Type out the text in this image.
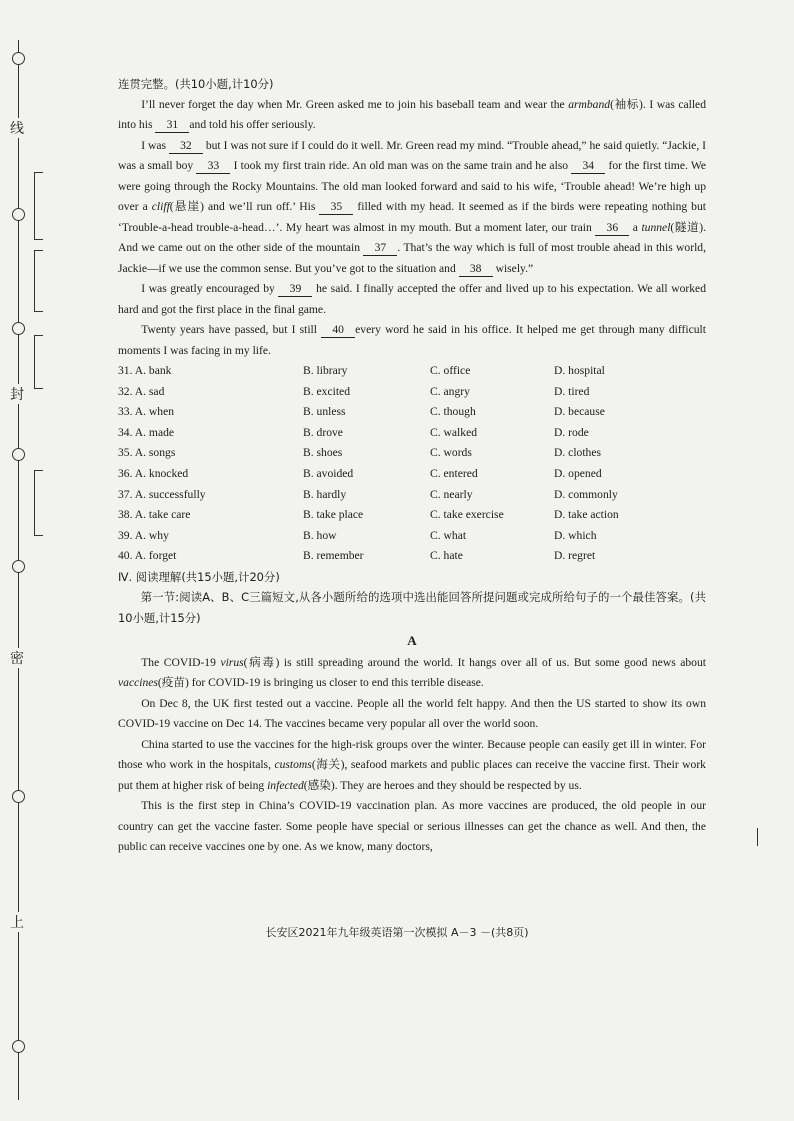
线
封
密
上

连贯完整。(共10小题,计10分)

I’ll never forget the day when Mr. Green asked me to join his baseball team and wear the armband(袖标). I was called into his 31 and told his offer seriously.

I was 32 but I was not sure if I could do it well. Mr. Green read my mind. “Trouble ahead,” he said quietly. “Jackie, I was a small boy 33 I took my first train ride. An old man was on the same train and he also 34 for the first time. We were going through the Rocky Mountains. The old man looked forward and said to his wife, ‘Trouble ahead! We’re high up over a cliff(悬崖) and we’ll run off.’ His 35 filled with my head. It seemed as if the birds were repeating nothing but ‘Trouble-a-head trouble-a-head…’. My heart was almost in my mouth. But a moment later, our train 36 a tunnel(隧道). And we came out on the other side of the mountain 37 . That’s the way which is full of most trouble ahead in this world, Jackie—if we use the common sense. But you’ve got to the situation and 38 wisely.”

I was greatly encouraged by 39 he said. I finally accepted the offer and lived up to his expectation. We all worked hard and got the first place in the final game.

Twenty years have passed, but I still 40 every word he said in his office. It helped me get through many difficult moments I was facing in my life.

31. A. bank	B. library	C. office	D. hospital
32. A. sad	B. excited	C. angry	D. tired
33. A. when	B. unless	C. though	D. because
34. A. made	B. drove	C. walked	D. rode
35. A. songs	B. shoes	C. words	D. clothes
36. A. knocked	B. avoided	C. entered	D. opened
37. A. successfully	B. hardly	C. nearly	D. commonly
38. A. take care	B. take place	C. take exercise	D. take action
39. A. why	B. how	C. what	D. which
40. A. forget	B. remember	C. hate	D. regret

Ⅳ. 阅读理解(共15小题,计20分)

第一节:阅读A、B、C三篇短文,从各小题所给的选项中选出能回答所提问题或完成所给句子的一个最佳答案。(共10小题,计15分)

A

The COVID-19 virus(病毒) is still spreading around the world. It hangs over all of us. But some good news about vaccines(疫苗) for COVID-19 is bringing us closer to end this terrible disease.

On Dec 8, the UK first tested out a vaccine. People all the world felt happy. And then the US started to show its own COVID-19 vaccine on Dec 14. The vaccines became very popular all over the world soon.

China started to use the vaccines for the high-risk groups over the winter. Because people can easily get ill in winter. For those who work in the hospitals, customs(海关), seafood markets and public places can receive the vaccine first. Their work put them at higher risk of being infected(感染). They are heroes and they should be respected by us.

This is the first step in China’s COVID-19 vaccination plan. As more vaccines are produced, the old people in our country can get the vaccine faster. Some people have special or serious illnesses can get the chance as well. And then, the public can receive vaccines one by one. As we know, many doctors,

长安区2021年九年级英语第一次模拟 A－3 －(共8页)
